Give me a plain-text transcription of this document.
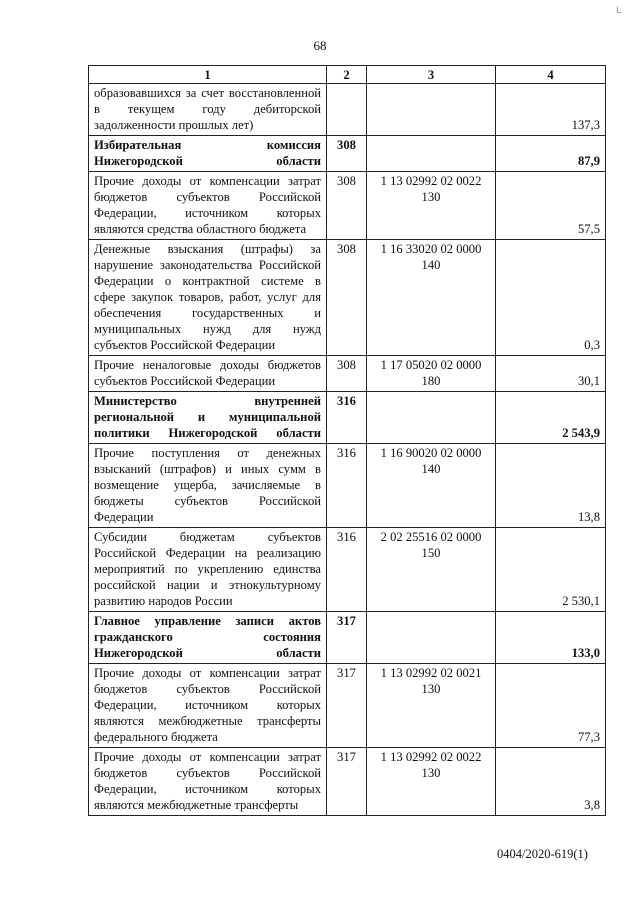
68
L
1	2	3	4
образовавшихся за счет восстановленной в текущем году дебиторской задолженности прошлых лет)			137,3
Избирательная комиссия Нижегородской области	308		87,9
Прочие доходы от компенсации затрат бюджетов субъектов Российской Федерации, источником которых являются средства областного бюджета	308	1 13 02992 02 0022 130	57,5
Денежные взыскания (штрафы) за нарушение законодательства Российской Федерации о контрактной системе в сфере закупок товаров, работ, услуг для обеспечения государственных и муниципальных нужд для нужд субъектов Российской Федерации	308	1 16 33020 02 0000 140	0,3
Прочие неналоговые доходы бюджетов субъектов Российской Федерации	308	1 17 05020 02 0000 180	30,1
Министерство внутренней региональной и муниципальной политики Нижегородской области	316		2 543,9
Прочие поступления от денежных взысканий (штрафов) и иных сумм в возмещение ущерба, зачисляемые в бюджеты субъектов Российской Федерации	316	1 16 90020 02 0000 140	13,8
Субсидии бюджетам субъектов Российской Федерации на реализацию мероприятий по укреплению единства российской нации и этнокультурному развитию народов России	316	2 02 25516 02 0000 150	2 530,1
Главное управление записи актов гражданского состояния Нижегородской области	317		133,0
Прочие доходы от компенсации затрат бюджетов субъектов Российской Федерации, источником которых являются межбюджетные трансферты федерального бюджета	317	1 13 02992 02 0021 130	77,3
Прочие доходы от компенсации затрат бюджетов субъектов Российской Федерации, источником которых являются межбюджетные трансферты	317	1 13 02992 02 0022 130	3,8
0404/2020-619(1)
